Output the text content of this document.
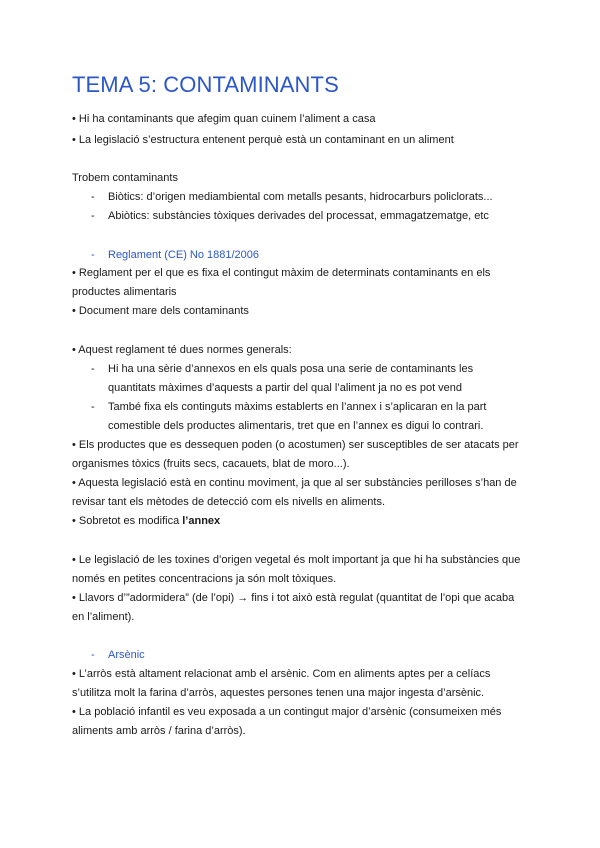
TEMA 5: CONTAMINANTS
• Hi ha contaminants que afegim quan cuinem l’aliment a casa
• La legislació s’estructura entenent perquè està un contaminant en un aliment
Trobem contaminants
- Biòtics: d’origen mediambiental com metalls pesants, hidrocarburs policlorats...
- Abiòtics: substàncies tòxiques derivades del processat, emmagatzematge, etc
- Reglament (CE) No 1881/2006
• Reglament per el que es fixa el contingut màxim de determinats contaminants en els
productes alimentaris
• Document mare dels contaminants
• Aquest reglament té dues normes generals:
- Hi ha una sèrie d’annexos en els quals posa una serie de contaminants les
quantitats màximes d’aquests a partir del qual l’aliment ja no es pot vend
- També fixa els continguts màxims establerts en l’annex i s’aplicaran en la part
comestible dels productes alimentaris, tret que en l’annex es digui lo contrari.
• Els productes que es dessequen poden (o acostumen) ser susceptibles de ser atacats per
organismes tòxics (fruits secs, cacauets, blat de moro...).
• Aquesta legislació està en continu moviment, ja que al ser substàncies perilloses s’han de
revisar tant els mètodes de detecció com els nivells en aliments.
• Sobretot es modifica l’annex
• Le legislació de les toxines d’origen vegetal és molt important ja que hi ha substàncies que
només en petites concentracions ja són molt tòxiques.
• Llavors d’”adormidera” (de l’opi) → fins i tot això està regulat (quantitat de l’opi que acaba
en l’aliment).
- Arsènic
• L’arròs està altament relacionat amb el arsènic. Com en aliments aptes per a celíacs
s’utilitza molt la farina d’arròs, aquestes persones tenen una major ingesta d’arsènic.
• La població infantil es veu exposada a un contingut major d’arsènic (consumeixen més
aliments amb arròs / farina d’arròs).
